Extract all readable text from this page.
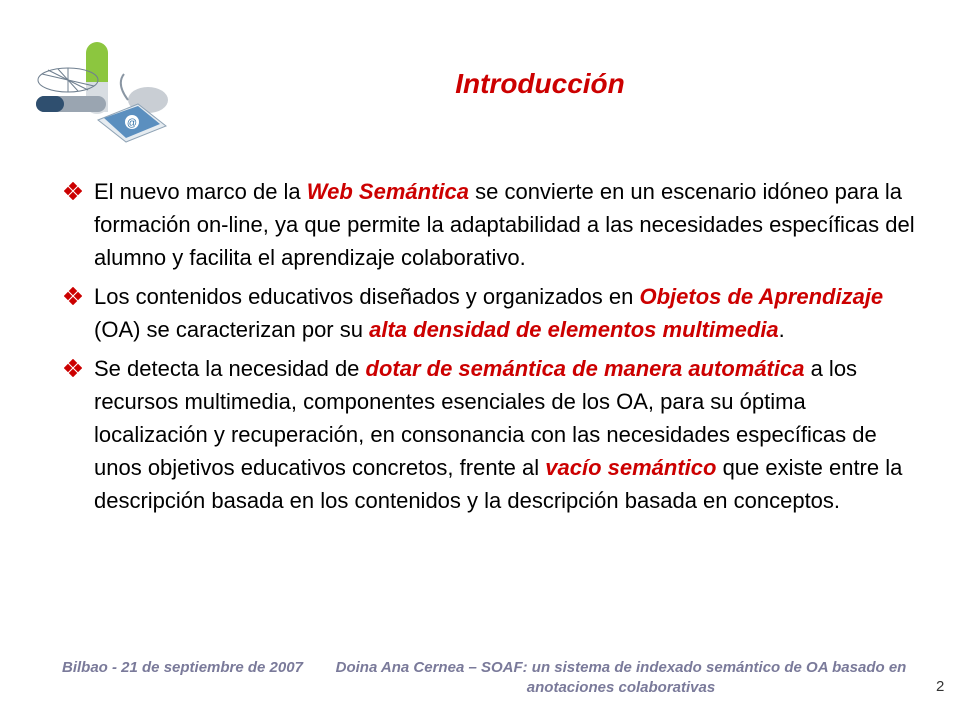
@
Introducción
El nuevo marco de la Web Semántica se convierte en un escenario idóneo para la formación on-line, ya que permite la adaptabilidad a las necesidades específicas del alumno y facilita el aprendizaje colaborativo.
Los contenidos educativos diseñados y organizados en Objetos de Aprendizaje (OA) se caracterizan por su alta densidad de elementos multimedia.
Se detecta la necesidad de dotar de semántica de manera automática a los recursos multimedia, componentes esenciales de los OA, para su óptima localización y recuperación, en consonancia con las necesidades específicas de unos objetivos educativos concretos, frente al vacío semántico que existe entre la descripción basada en los contenidos y la descripción basada en conceptos.
Bilbao - 21 de septiembre de 2007	Doina Ana Cernea – SOAF: un sistema de indexado semántico de OA basado en anotaciones colaborativas	2
